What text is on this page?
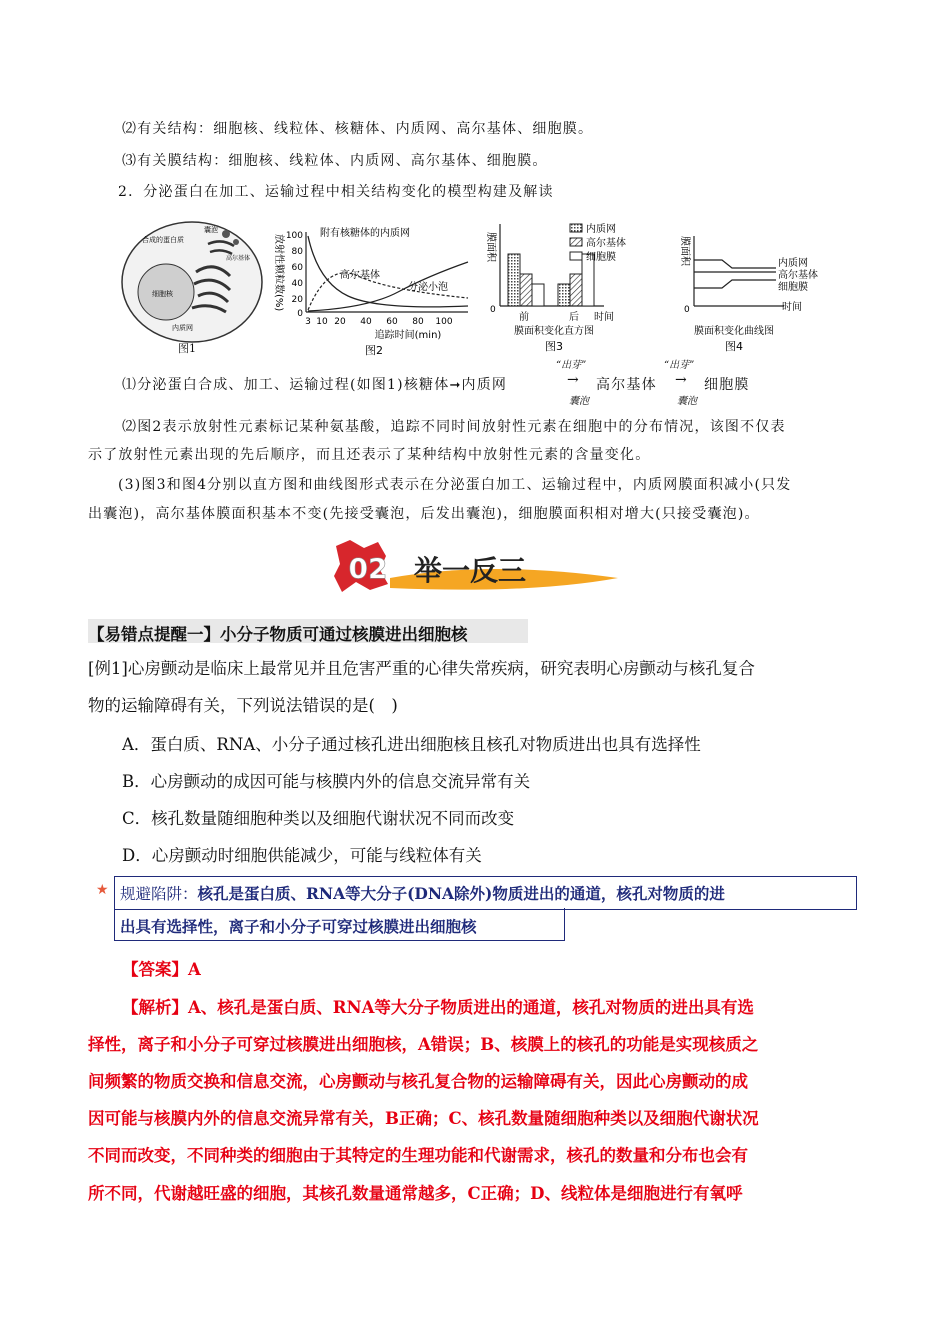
⑵有关结构：细胞核、线粒体、核糖体、内质网、高尔基体、细胞膜。
⑶有关膜结构：细胞核、线粒体、内质网、高尔基体、细胞膜。
2．分泌蛋白在加工、运输过程中相关结构变化的模型构建及解读
合成的蛋白质
囊泡
高尔基体
细胞核
内质网
图1
放射性颗粒数(%) 100
80
60
40
20
0
3 10 20 40 60 80 100
追踪时间(min)
附有核糖体的内质网
高尔基体
分泌小泡
图2
膜面积
0
内质网
高尔基体
细胞膜
前	后 时间
膜面积变化直方图
图3
膜面积
0
内质网
高尔基体
细胞膜
时间
膜面积变化曲线图
图4
⑴分泌蛋白合成、加工、运输过程(如图1)核糖体➞内质网
“出芽”
→
囊泡
高尔基体
“出芽”
→
囊泡
细胞膜
⑵图2表示放射性元素标记某种氨基酸，追踪不同时间放射性元素在细胞中的分布情况，该图不仅表
示了放射性元素出现的先后顺序，而且还表示了某种结构中放射性元素的含量变化。
(3)图3和图4分别以直方图和曲线图形式表示在分泌蛋白加工、运输过程中，内质网膜面积减小(只发
出囊泡)，高尔基体膜面积基本不变(先接受囊泡，后发出囊泡)，细胞膜面积相对增大(只接受囊泡)。
02 举一反三
【易错点提醒一】小分子物质可通过核膜进出细胞核
[例1]心房颤动是临床上最常见并且危害严重的心律失常疾病，研究表明心房颤动与核孔复合
物的运输障碍有关，下列说法错误的是(　)
A．蛋白质、RNA、小分子通过核孔进出细胞核且核孔对物质进出也具有选择性
B．心房颤动的成因可能与核膜内外的信息交流异常有关
C．核孔数量随细胞种类以及细胞代谢状况不同而改变
D．心房颤动时细胞供能减少，可能与线粒体有关
★ 规避陷阱：核孔是蛋白质、RNA等大分子(DNA除外)物质进出的通道，核孔对物质的进
出具有选择性，离子和小分子可穿过核膜进出细胞核
【答案】A
【解析】A、核孔是蛋白质、RNA等大分子物质进出的通道，核孔对物质的进出具有选
择性，离子和小分子可穿过核膜进出细胞核，A错误；B、核膜上的核孔的功能是实现核质之
间频繁的物质交换和信息交流，心房颤动与核孔复合物的运输障碍有关，因此心房颤动的成
因可能与核膜内外的信息交流异常有关，B正确；C、核孔数量随细胞种类以及细胞代谢状况
不同而改变，不同种类的细胞由于其特定的生理功能和代谢需求，核孔的数量和分布也会有
所不同，代谢越旺盛的细胞，其核孔数量通常越多，C正确；D、线粒体是细胞进行有氧呼
